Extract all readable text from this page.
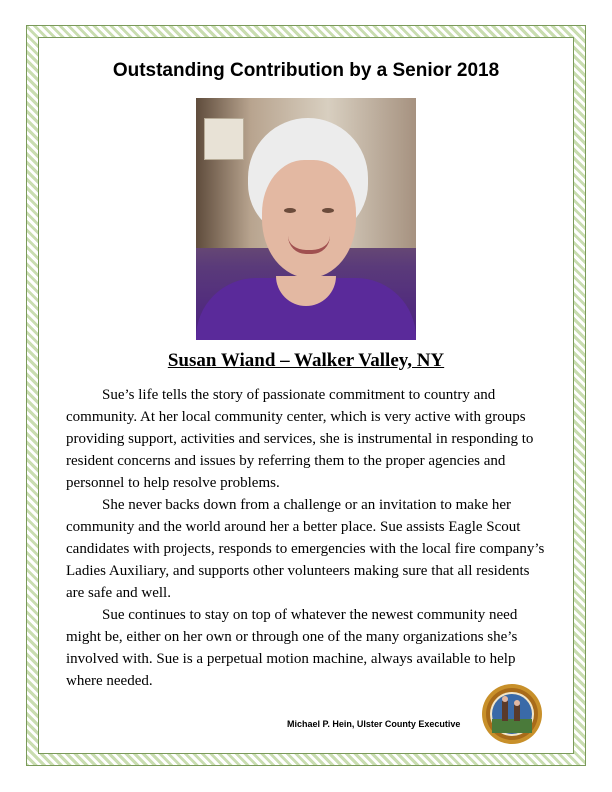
Outstanding Contribution by a Senior 2018
Susan Wiand – Walker Valley, NY

Sue’s life tells the story of passionate commitment to country and community. At her local community center, which is very active with groups providing support, activities and services, she is instrumental in responding to resident concerns and issues by referring them to the proper agencies and personnel to help resolve problems.

She never backs down from a challenge or an invitation to make her community and the world around her a better place. Sue assists Eagle Scout candidates with projects, responds to emergencies with the local fire company’s Ladies Auxiliary, and supports other volunteers making sure that all residents are safe and well.

Sue continues to stay on top of whatever the newest community need might be, either on her own or through one of the many organizations she’s involved with. Sue is a perpetual motion machine, always available to help where needed.

Michael P. Hein, Ulster County Executive
